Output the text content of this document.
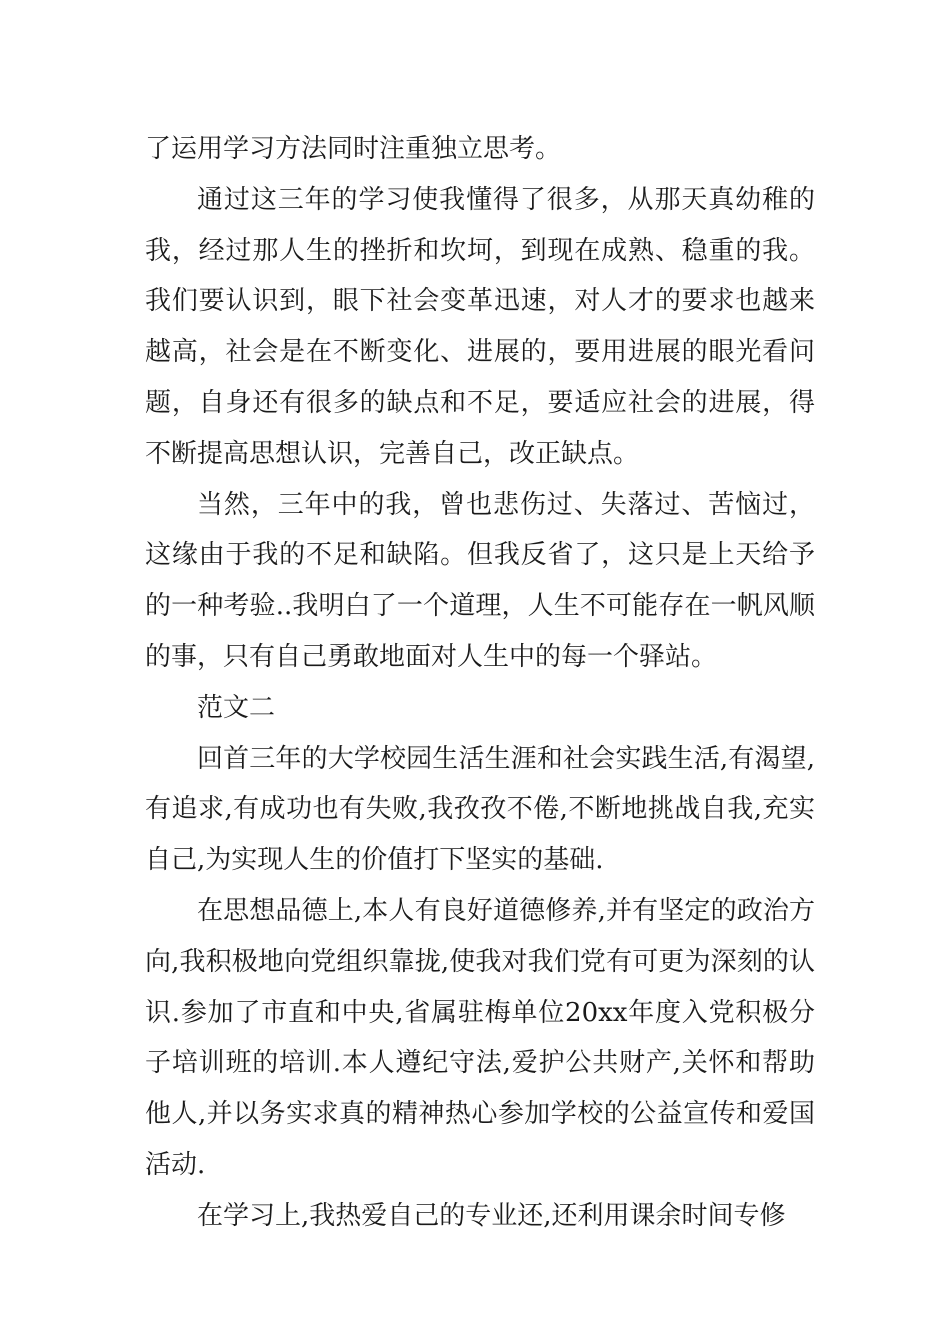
了运用学习方法同时注重独立思考。

通过这三年的学习使我懂得了很多，从那天真幼稚的我，经过那人生的挫折和坎坷，到现在成熟、稳重的我。我们要认识到，眼下社会变革迅速，对人才的要求也越来越高，社会是在不断变化、进展的，要用进展的眼光看问题，自身还有很多的缺点和不足，要适应社会的进展，得不断提高思想认识，完善自己，改正缺点。

当然，三年中的我，曾也悲伤过、失落过、苦恼过，这缘由于我的不足和缺陷。但我反省了，这只是上天给予的一种考验..我明白了一个道理，人生不可能存在一帆风顺的事，只有自己勇敢地面对人生中的每一个驿站。

范文二

回首三年的大学校园生活生涯和社会实践生活,有渴望,有追求,有成功也有失败,我孜孜不倦,不断地挑战自我,充实自己,为实现人生的价值打下坚实的基础.

在思想品德上,本人有良好道德修养,并有坚定的政治方向,我积极地向党组织靠拢,使我对我们党有可更为深刻的认识.参加了市直和中央,省属驻梅单位20xx年度入党积极分子培训班的培训.本人遵纪守法,爱护公共财产,关怀和帮助他人,并以务实求真的精神热心参加学校的公益宣传和爱国活动.

在学习上,我热爱自己的专业还,还利用课余时间专修
